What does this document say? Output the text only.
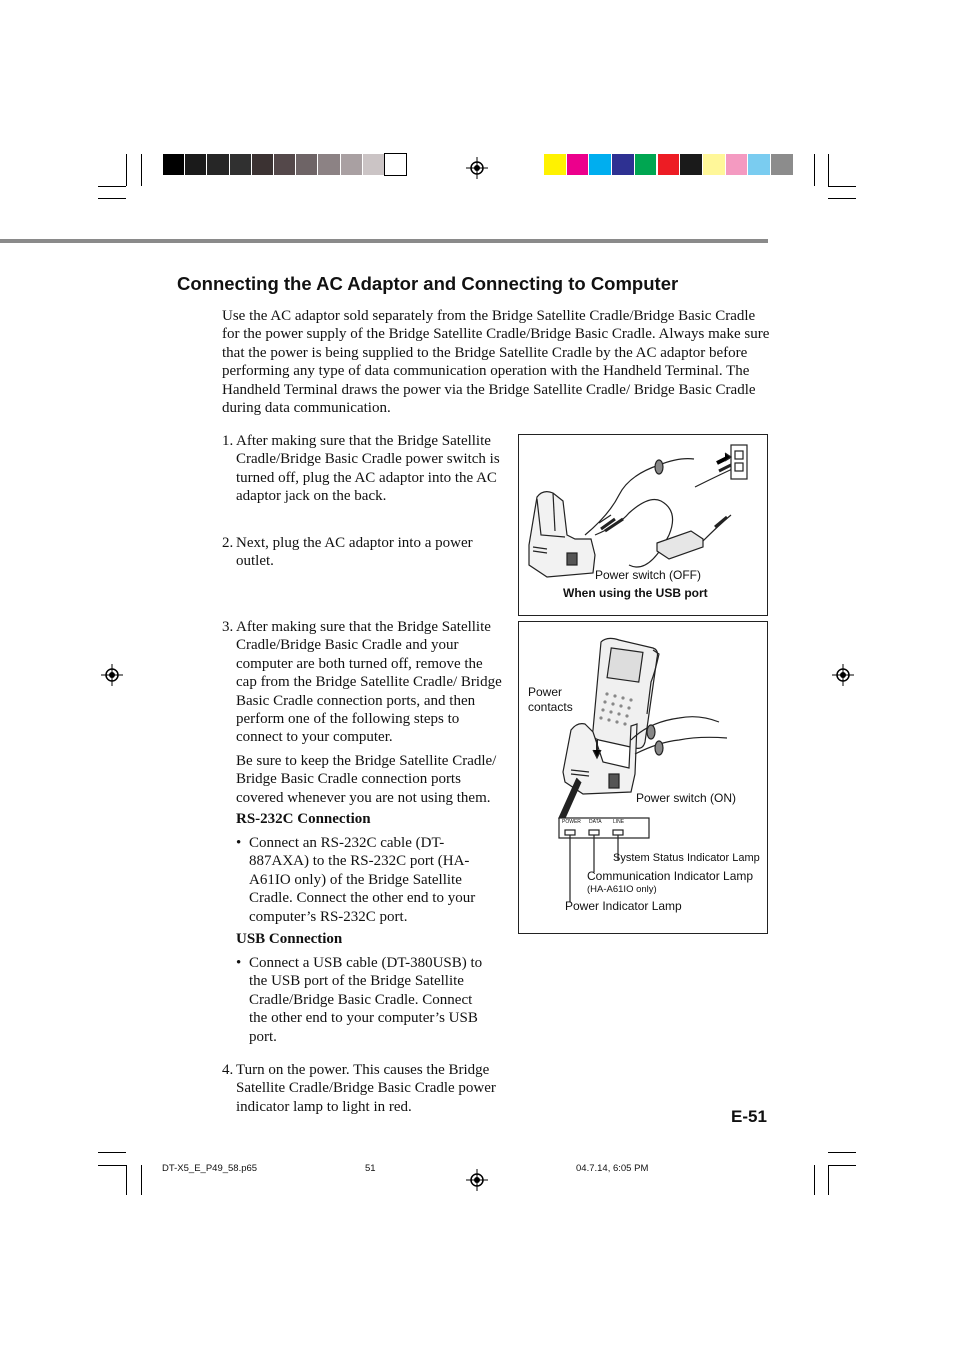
Connecting the AC Adaptor and Connecting to Computer
Use the AC adaptor sold separately from the Bridge Satellite Cradle/Bridge Basic Cradle for the power supply of the Bridge Satellite Cradle/Bridge Basic Cradle. Always make sure that the power is being supplied to the Bridge Satellite Cradle by the AC adaptor before performing any type of data communication operation with the Handheld Terminal. The Handheld Terminal draws the power via the Bridge Satellite Cradle/ Bridge Basic Cradle during data communication.
1. After making sure that the Bridge Satellite Cradle/Bridge Basic Cradle power switch is turned off, plug the AC adaptor into the AC adaptor jack on the back.
2. Next, plug the AC adaptor into a power outlet.
3. After making sure that the Bridge Satellite Cradle/Bridge Basic Cradle and your computer are both turned off, remove the cap from the Bridge Satellite Cradle/ Bridge Basic Cradle connection ports, and then perform one of the following steps to connect to your computer.
Be sure to keep the Bridge Satellite Cradle/ Bridge Basic Cradle connection ports covered whenever you are not using them.
RS-232C Connection
• Connect an RS-232C cable (DT-887AXA) to the RS-232C port (HA-A61IO only) of the Bridge Satellite Cradle. Connect the other end to your computer’s RS-232C port.
USB Connection
• Connect a USB cable (DT-380USB) to the USB port of the Bridge Satellite Cradle/Bridge Basic Cradle. Connect the other end to your computer’s USB port.
4. Turn on the power. This causes the Bridge Satellite Cradle/Bridge Basic Cradle power indicator lamp to light in red.
Power switch (OFF)
When using the USB port
Power
contacts
Power switch (ON)
POWER DATA LINE
System Status Indicator Lamp
Communication Indicator Lamp
(HA-A61IO only)
Power Indicator Lamp
E-51
DT-X5_E_P49_58.p65	51	04.7.14, 6:05 PM
